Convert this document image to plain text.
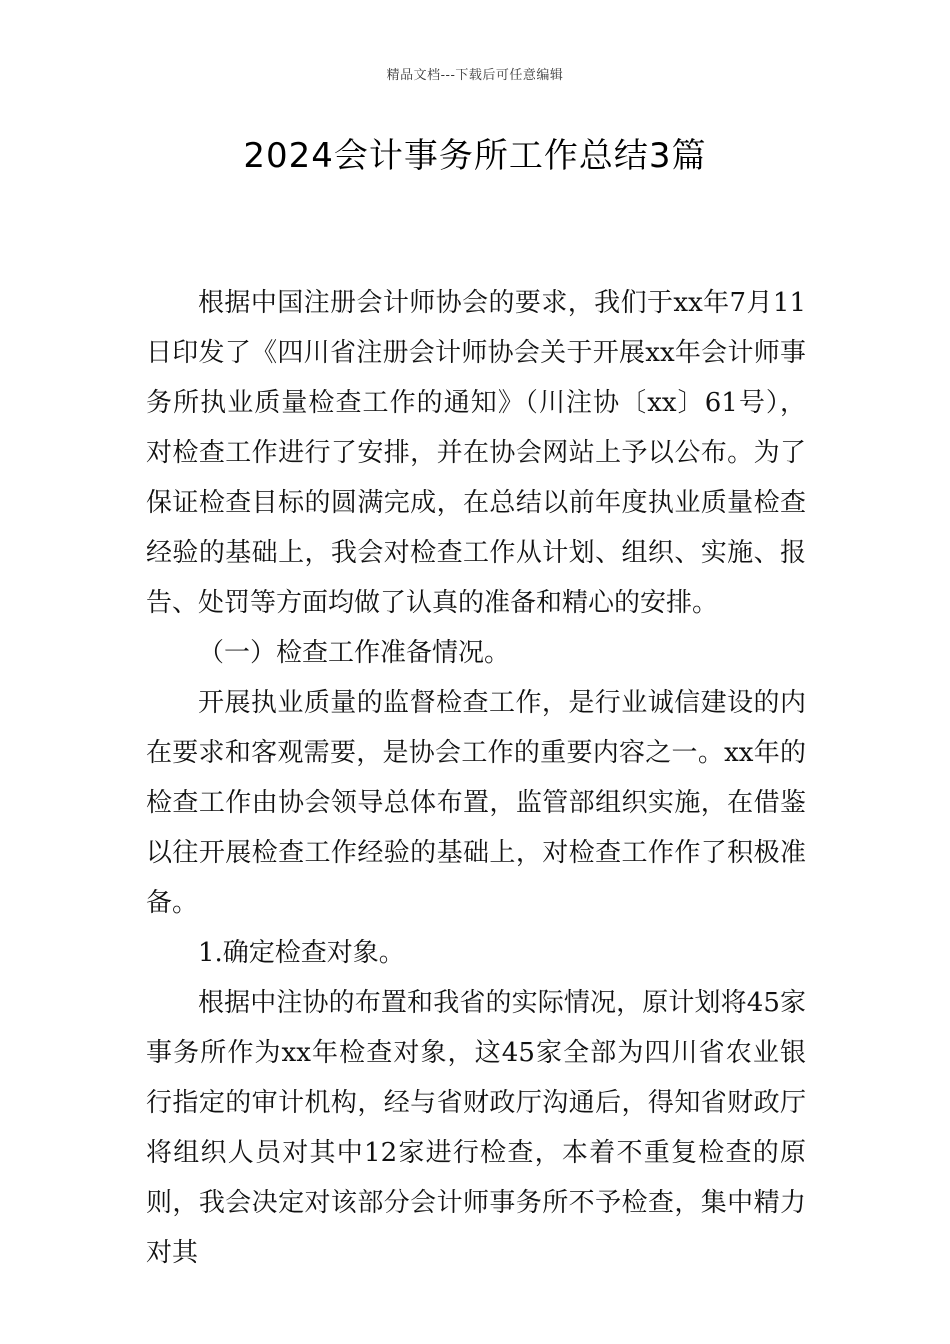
精品文档---下载后可任意编辑
2024会计事务所工作总结3篇

根据中国注册会计师协会的要求，我们于xx年7月11日印发了《四川省注册会计师协会关于开展xx年会计师事务所执业质量检查工作的通知》（川注协〔xx〕61号），对检查工作进行了安排，并在协会网站上予以公布。为了保证检查目标的圆满完成，在总结以前年度执业质量检查经验的基础上，我会对检查工作从计划、组织、实施、报告、处罚等方面均做了认真的准备和精心的安排。

（一）检查工作准备情况。

开展执业质量的监督检查工作，是行业诚信建设的内在要求和客观需要，是协会工作的重要内容之一。xx年的检查工作由协会领导总体布置，监管部组织实施，在借鉴以往开展检查工作经验的基础上，对检查工作作了积极准备。

1.确定检查对象。

根据中注协的布置和我省的实际情况，原计划将45家事务所作为xx年检查对象，这45家全部为四川省农业银行指定的审计机构，经与省财政厅沟通后，得知省财政厅将组织人员对其中12家进行检查，本着不重复检查的原则，我会决定对该部分会计师事务所不予检查，集中精力对其
